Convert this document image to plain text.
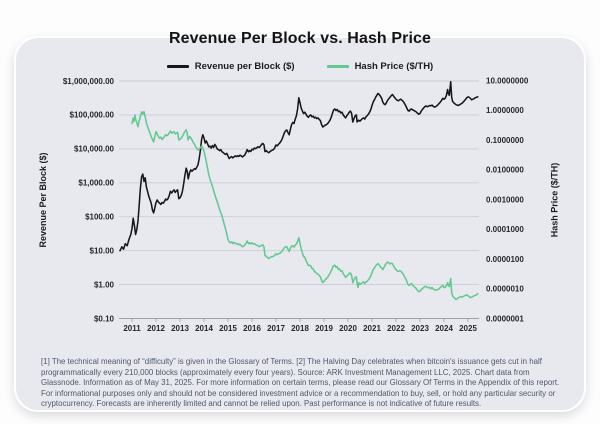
Revenue Per Block vs. Hash Price
Revenue per Block ($)	Hash Price ($/TH)
$1,000,000.00
$100,000.00
$10,000.00
$1,000.00
$100.00
$10.00
$1.00
$0.10
10.0000000
1.0000000
0.1000000
0.0100000
0.0010000
0.0001000
0.0000100
0.0000010
0.0000001
2011 2012 2013 2014 2015 2016 2017 2018 2019 2020 2021 2022 2023 2024 2025
Revenue Per Block ($)	Hash Price ($/TH)
[1] The technical meaning of “difficulty” is given in the Glossary of Terms. [2] The Halving Day celebrates when bitcoin's issuance gets cut in half programmatically every 210,000 blocks (approximately every four years). Source: ARK Investment Management LLC, 2025. Chart data from Glassnode. Information as of May 31, 2025. For more information on certain terms, please read our Glossary Of Terms in the Appendix of this report. For informational purposes only and should not be considered investment advice or a recommendation to buy, sell, or hold any particular security or cryptocurrency. Forecasts are inherently limited and cannot be relied upon. Past performance is not indicative of future results.
